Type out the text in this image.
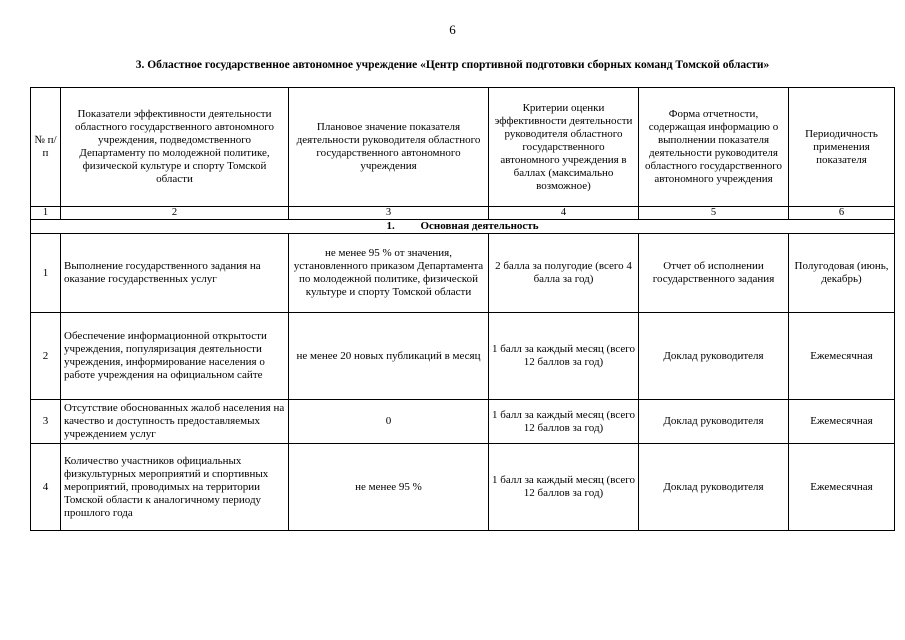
6
3. Областное государственное автономное учреждение «Центр спортивной подготовки сборных команд Томской области»
№ п/п	Показатели эффективности деятельности областного государственного автономного учреждения, подведомственного Департаменту по молодежной политике, физической культуре и спорту Томской области	Плановое значение показателя деятельности руководителя областного государственного автономного учреждения	Критерии оценки эффективности деятельности руководителя областного государственного автономного учреждения в баллах (максимально возможное)	Форма отчетности, содержащая информацию о выполнении показателя деятельности руководителя областного государственного автономного учреждения	Периодичность применения показателя
1	2	3	4	5	6
1. Основная деятельность					
1	Выполнение государственного задания на оказание государственных услуг	не менее 95 % от значения, установленного приказом Департамента по молодежной политике, физической культуре и спорту Томской области	2 балла за полугодие (всего 4 балла за год)	Отчет об исполнении государственного задания	Полугодовая (июнь, декабрь)
2	Обеспечение информационной открытости учреждения, популяризация деятельности учреждения, информирование населения о работе учреждения на официальном сайте	не менее 20 новых публикаций в месяц	1 балл за каждый месяц (всего 12 баллов за год)	Доклад руководителя	Ежемесячная
3	Отсутствие обоснованных жалоб населения на качество и доступность предоставляемых учреждением услуг	0	1 балл за каждый месяц (всего 12 баллов за год)	Доклад руководителя	Ежемесячная
4	Количество участников официальных физкультурных мероприятий и спортивных мероприятий, проводимых на территории Томской области к аналогичному периоду прошлого года	не менее 95 %	1 балл за каждый месяц (всего 12 баллов за год)	Доклад руководителя	Ежемесячная
